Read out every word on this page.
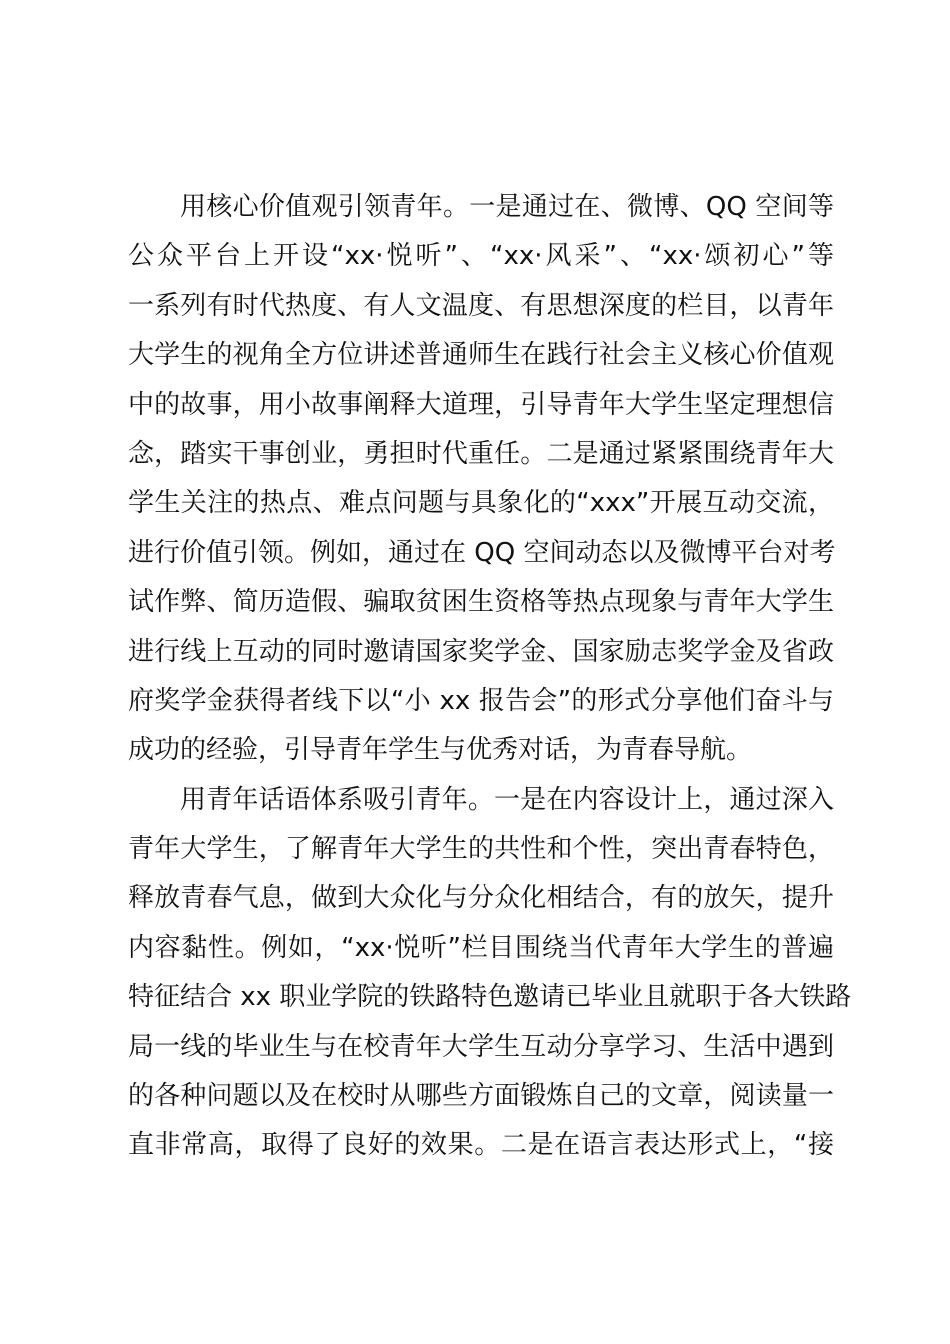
用核心价值观引领青年。一是通过在、微博、QQ 空间等
公众平台上开设“xx·悦听”、“xx·风采”、“xx·颂初心”等
一系列有时代热度、有人文温度、有思想深度的栏目，以青年
大学生的视角全方位讲述普通师生在践行社会主义核心价值观
中的故事，用小故事阐释大道理，引导青年大学生坚定理想信
念，踏实干事创业，勇担时代重任。二是通过紧紧围绕青年大
学生关注的热点、难点问题与具象化的“xxx”开展互动交流，
进行价值引领。例如，通过在 QQ 空间动态以及微博平台对考
试作弊、简历造假、骗取贫困生资格等热点现象与青年大学生
进行线上互动的同时邀请国家奖学金、国家励志奖学金及省政
府奖学金获得者线下以“小 xx 报告会”的形式分享他们奋斗与
成功的经验，引导青年学生与优秀对话，为青春导航。
用青年话语体系吸引青年。一是在内容设计上，通过深入
青年大学生，了解青年大学生的共性和个性，突出青春特色，
释放青春气息，做到大众化与分众化相结合，有的放矢，提升
内容黏性。例如，“xx·悦听”栏目围绕当代青年大学生的普遍
特征结合 xx 职业学院的铁路特色邀请已毕业且就职于各大铁路
局一线的毕业生与在校青年大学生互动分享学习、生活中遇到
的各种问题以及在校时从哪些方面锻炼自己的文章，阅读量一
直非常高，取得了良好的效果。二是在语言表达形式上，“接
